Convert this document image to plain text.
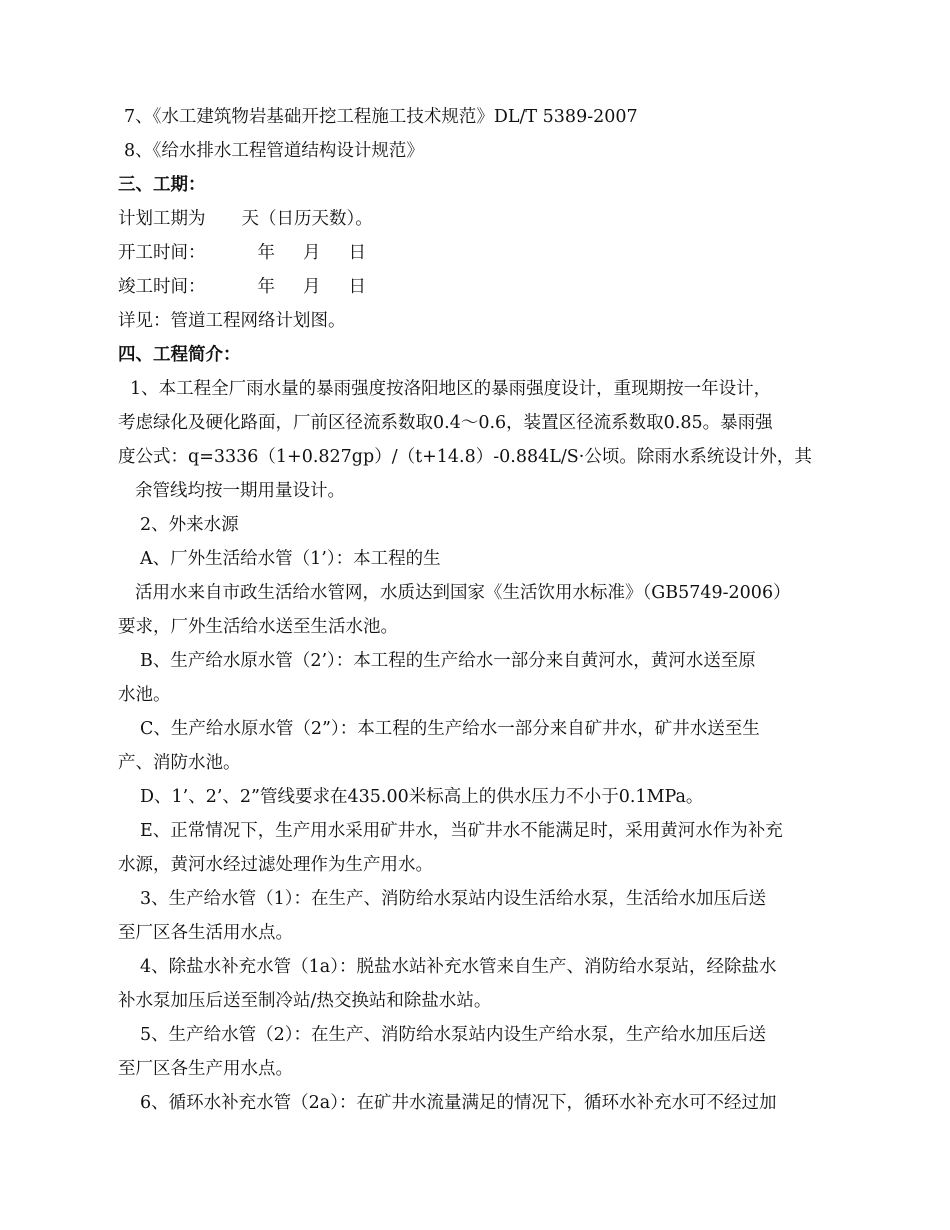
7、《水工建筑物岩基础开挖工程施工技术规范》DL/T 5389-2007
8、《给水排水工程管道结构设计规范》
三、工期：
计划工期为 天（日历天数）。
开工时间：	年 月 日
竣工时间：	年 月 日
详见：管道工程网络计划图。
四、工程简介：
1、本工程全厂雨水量的暴雨强度按洛阳地区的暴雨强度设计，重现期按一年设计，
考虑绿化及硬化路面，厂前区径流系数取0.4～0.6，装置区径流系数取0.85。暴雨强
度公式：q=3336（1+0.827gp）/（t+14.8）-0.884L/S·公顷。除雨水系统设计外，其
余管线均按一期用量设计。
2、外来水源
A、厂外生活给水管（1’）：本工程的生
活用水来自市政生活给水管网，水质达到国家《生活饮用水标准》（GB5749-2006）
要求，厂外生活给水送至生活水池。
B、生产给水原水管（2’）：本工程的生产给水一部分来自黄河水，黄河水送至原
水池。
C、生产给水原水管（2”）：本工程的生产给水一部分来自矿井水，矿井水送至生
产、消防水池。
D、1’、2’、2”管线要求在435.00米标高上的供水压力不小于0.1MPa。
E、正常情况下，生产用水采用矿井水，当矿井水不能满足时，采用黄河水作为补充
水源，黄河水经过滤处理作为生产用水。
3、生产给水管（1）：在生产、消防给水泵站内设生活给水泵，生活给水加压后送
至厂区各生活用水点。
4、除盐水补充水管（1a）：脱盐水站补充水管来自生产、消防给水泵站，经除盐水
补水泵加压后送至制冷站/热交换站和除盐水站。
5、生产给水管（2）：在生产、消防给水泵站内设生产给水泵，生产给水加压后送
至厂区各生产用水点。
6、循环水补充水管（2a）：在矿井水流量满足的情况下，循环水补充水可不经过加
